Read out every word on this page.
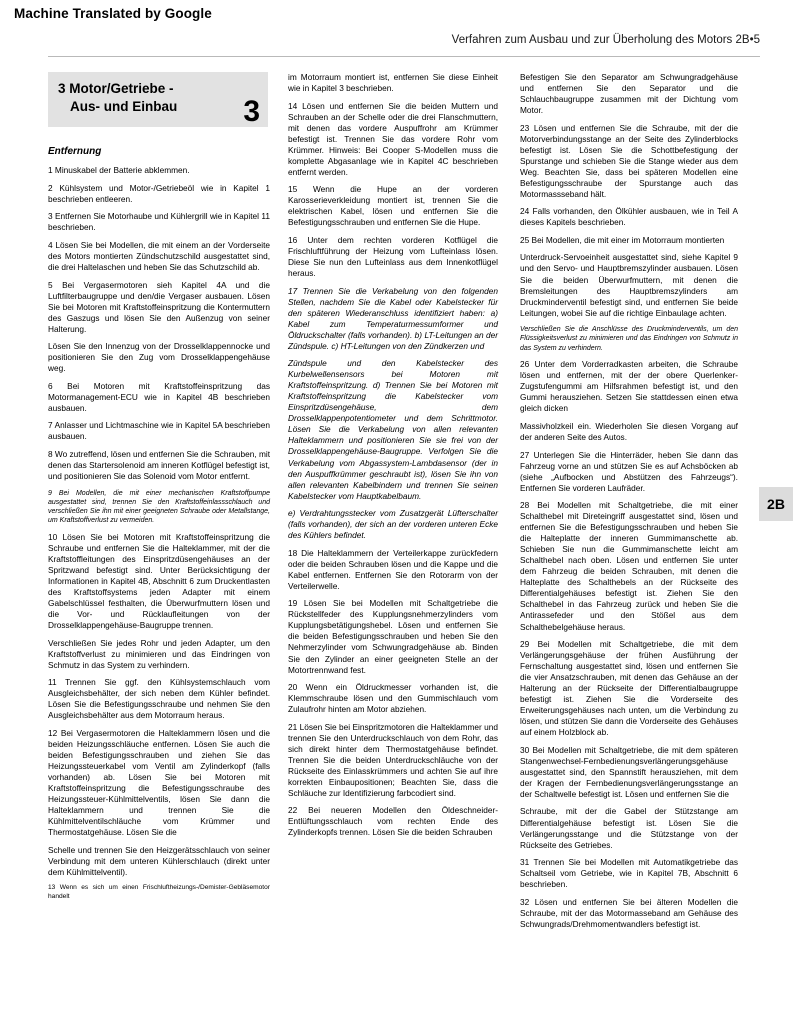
Machine Translated by Google
Verfahren zum Ausbau und zur Überholung des Motors 2B•5
3 Motor/Getriebe -
Aus- und Einbau 3
2B
Entfernung

1 Minuskabel der Batterie abklemmen.

2 Kühlsystem und Motor-/Getriebeöl wie in Kapitel 1 beschrieben entleeren.

3 Entfernen Sie Motorhaube und Kühlergrill wie in Kapitel 11 beschrieben.

4 Lösen Sie bei Modellen, die mit einem an der Vorderseite des Motors montierten Zündschutzschild ausgestattet sind, die drei Haltelaschen und heben Sie das Schutzschild ab.

5 Bei Vergasermotoren sieh Kapitel 4A und die Luftfilterbaugruppe und den/die Vergaser ausbauen. Lösen Sie bei Motoren mit Kraftstoffeinspritzung die Kontermuttern des Gaszugs und lösen Sie den Außenzug von seiner Halterung.

Lösen Sie den Innenzug von der Drosselklappennocke und positionieren Sie den Zug vom Drosselklappengehäuse weg.

6 Bei Motoren mit Kraftstoffeinspritzung das Motormanagement-ECU wie in Kapitel 4B beschrieben ausbauen.

7 Anlasser und Lichtmaschine wie in Kapitel 5A beschrieben ausbauen.

8 Wo zutreffend, lösen und entfernen Sie die Schrauben, mit denen das Startersolenoid am inneren Kotflügel befestigt ist, und positionieren Sie das Solenoid vom Motor entfernt.

9 Bei Modellen, die mit einer mechanischen Kraftstoffpumpe ausgestattet sind, trennen Sie den Kraftstoffeinlassschlauch und verschließen Sie ihn mit einer geeigneten Schraube oder Metallstange, um Kraftstoffverlust zu vermeiden.

10 Lösen Sie bei Motoren mit Kraftstoffeinspritzung die Schraube und entfernen Sie die Halteklammer, mit der die Kraftstoffleitungen des Einspritzdüsengehäuses an der Spritzwand befestigt sind. Unter Berücksichtigung der Informationen in Kapitel 4B, Abschnitt 6 zum Druckentlasten des Kraftstoffsystems jeden Adapter mit einem Gabelschlüssel festhalten, die Überwurfmuttern lösen und die Vor- und Rücklaufleitungen von der Drosselklappengehäuse-Baugruppe trennen.

Verschließen Sie jedes Rohr und jeden Adapter, um den Kraftstoffverlust zu minimieren und das Eindringen von Schmutz in das System zu verhindern.

11 Trennen Sie ggf. den Kühlsystemschlauch vom Ausgleichsbehälter, der sich neben dem Kühler befindet. Lösen Sie die Befestigungsschraube und nehmen Sie den Ausgleichsbehälter aus dem Motorraum heraus.

12 Bei Vergasermotoren die Halteklammern lösen und die beiden Heizungsschläuche entfernen. Lösen Sie auch die beiden Befestigungsschrauben und ziehen Sie das Heizungssteuerkabel vom Ventil am Zylinderkopf (falls vorhanden) ab. Lösen Sie bei Motoren mit Kraftstoffeinspritzung die Befestigungsschraube des Heizungssteuer-Kühlmittelventils, lösen Sie dann die Halteklammern und trennen Sie die Kühlmittelventilschläuche vom Krümmer und Thermostatgehäuse. Lösen Sie die

Schelle und trennen Sie den Heizgerätsschlauch von seiner Verbindung mit dem unteren Kühlerschlauch (direkt unter dem Kühlmittelventil).

13 Wenn es sich um einen Frischluftheizungs-/Demister-Gebläsemotor handelt

im Motorraum montiert ist, entfernen Sie diese Einheit wie in Kapitel 3 beschrieben.

14 Lösen und entfernen Sie die beiden Muttern und Schrauben an der Schelle oder die drei Flanschmuttern, mit denen das vordere Auspuffrohr am Krümmer befestigt ist. Trennen Sie das vordere Rohr vom Krümmer. Hinweis: Bei Cooper S-Modellen muss die komplette Abgasanlage wie in Kapitel 4C beschrieben entfernt werden.

15 Wenn die Hupe an der vorderen Karosserieverkleidung montiert ist, trennen Sie die elektrischen Kabel, lösen und entfernen Sie die Befestigungsschrauben und entfernen Sie die Hupe.

16 Unter dem rechten vorderen Kotflügel die Frischluftführung der Heizung vom Lufteinlass lösen. Diese Sie nun den Lufteinlass aus dem Innenkotflügel heraus.

17 Trennen Sie die Verkabelung von den folgenden Stellen, nachdem Sie die Kabel oder Kabelstecker für den späteren Wiederanschluss identifiziert haben: a) Kabel zum Temperaturmessumformer und Öldruckschalter (falls vorhanden). b) LT-Leitungen an der Zündspule. c) HT-Leitungen von den Zündkerzen und

Zündspule und den Kabelstecker des Kurbelwellensensors bei Motoren mit Kraftstoffeinspritzung. d) Trennen Sie bei Motoren mit Kraftstoffeinspritzung die Kabelstecker vom Einspritzdüsengehäuse, dem Drosselklappenpotentiometer und dem Schrittmotor. Lösen Sie die Verkabelung von allen relevanten Halteklammern und positionieren Sie sie frei von der Drosselklappengehäuse-Baugruppe. Verfolgen Sie die Verkabelung vom Abgassystem-Lambdasensor (der in den Auspuffkrümmer geschraubt ist), lösen Sie ihn von allen relevanten Kabelbindern und trennen Sie seinen Kabelstecker vom Hauptkabelbaum.

e) Verdrahtungsstecker vom Zusatzgerät Lüfterschalter (falls vorhanden), der sich an der vorderen unteren Ecke des Kühlers befindet.

18 Die Halteklammern der Verteilerkappe zurückfedern oder die beiden Schrauben lösen und die Kappe und die Kabel entfernen. Entfernen Sie den Rotorarm von der Verteilerwelle.

19 Lösen Sie bei Modellen mit Schaltgetriebe die Rückstellfeder des Kupplungsnehmerzylinders vom Kupplungsbetätigungshebel. Lösen und entfernen Sie die beiden Befestigungsschrauben und heben Sie den Nehmerzylinder vom Schwungradgehäuse ab. Binden Sie den Zylinder an einer geeigneten Stelle an der Motortrennwand fest.

20 Wenn ein Öldruckmesser vorhanden ist, die Klemmschraube lösen und den Gummischlauch vom Zulaufrohr hinten am Motor abziehen.

21 Lösen Sie bei Einspritzmotoren die Halteklammer und trennen Sie den Unterdruckschlauch von dem Rohr, das sich direkt hinter dem Thermostatgehäuse befindet. Trennen Sie die beiden Unterdruckschläuche von der Rückseite des Einlasskrümmers und achten Sie auf ihre korrekten Einbaupositionen; Beachten Sie, dass die Schläuche zur Identifizierung farbcodiert sind.

22 Bei neueren Modellen den Öldeschneider-Entlüftungsschlauch vom rechten Ende des Zylinderkopfs trennen. Lösen Sie die beiden Schrauben

Befestigen Sie den Separator am Schwungradgehäuse und entfernen Sie den Separator und die Schlauchbaugruppe zusammen mit der Dichtung vom Motor.

23 Lösen und entfernen Sie die Schraube, mit der die Motorverbindungsstange an der Seite des Zylinderblocks befestigt ist. Lösen Sie die Schottbefestigung der Spurstange und schieben Sie die Stange wieder aus dem Weg. Beachten Sie, dass bei späteren Modellen eine Befestigungsschraube der Spurstange auch das Motormassseband hält.

24 Falls vorhanden, den Ölkühler ausbauen, wie in Teil A dieses Kapitels beschrieben.

25 Bei Modellen, die mit einer im Motorraum montierten

Unterdruck-Servoeinheit ausgestattet sind, siehe Kapitel 9 und den Servo- und Hauptbremszylinder ausbauen. Lösen Sie die beiden Überwurfmuttern, mit denen die Bremsleitungen des Hauptbremszylinders am Druckminderventil befestigt sind, und entfernen Sie beide Leitungen, wobei Sie auf die richtige Einbaulage achten.

Verschließen Sie die Anschlüsse des Druckminderventils, um den Flüssigkeitsverlust zu minimieren und das Eindringen von Schmutz in das System zu verhindern.

26 Unter dem Vorderradkasten arbeiten, die Schraube lösen und entfernen, mit der der obere Querlenker-Zugstufengummi am Hilfsrahmen befestigt ist, und den Gummi herausziehen. Setzen Sie stattdessen einen etwa gleich dicken

Massivholzkeil ein. Wiederholen Sie diesen Vorgang auf der anderen Seite des Autos.

27 Unterlegen Sie die Hinterräder, heben Sie dann das Fahrzeug vorne an und stützen Sie es auf Achsböcken ab (siehe „Aufbocken und Abstützen des Fahrzeugs“). Entfernen Sie vorderen Laufräder.

28 Bei Modellen mit Schaltgetriebe, die mit einer Schalthebel mit Direteingriff ausgestattet sind, lösen und entfernen Sie die Befestigungsschrauben und heben Sie die Halteplatte der inneren Gummimanschette ab. Schieben Sie nun die Gummimanschette leicht am Schalthebel nach oben. Lösen und entfernen Sie unter dem Fahrzeug die beiden Schrauben, mit denen die Halteplatte des Schalthebels an der Rückseite des Differentialgehäuses befestigt ist. Ziehen Sie den Schalthebel in das Fahrzeug zurück und heben Sie die Antirassefeder und den Stößel aus dem Schalthebelgehäuse heraus.

29 Bei Modellen mit Schaltgetriebe, die mit dem Verlängerungsgehäuse der frühen Ausführung der Fernschaltung ausgestattet sind, lösen und entfernen Sie die vier Ansatzschrauben, mit denen das Gehäuse an der Halterung an der Rückseite der Differentialbaugruppe befestigt ist. Ziehen Sie die Vorderseite des Erweiterungsgehäuses nach unten, um die Verbindung zu lösen, und stützen Sie dann die Vorderseite des Gehäuses auf einem Holzblock ab.

30 Bei Modellen mit Schaltgetriebe, die mit dem späteren Stangenwechsel-Fernbedienungsverlängerungsgehäuse ausgestattet sind, den Spannstift herausziehen, mit dem der Kragen der Fernbedienungsverlängerungsstange an der Schaltwelle befestigt ist. Lösen und entfernen Sie die

Schraube, mit der die Gabel der Stützstange am Differentialgehäuse befestigt ist. Lösen Sie die Verlängerungsstange und die Stützstange von der Rückseite des Getriebes.

31 Trennen Sie bei Modellen mit Automatikgetriebe das Schaltseil vom Getriebe, wie in Kapitel 7B, Abschnitt 6 beschrieben.

32 Lösen und entfernen Sie bei älteren Modellen die Schraube, mit der das Motormasseband am Gehäuse des Schwungrads/Drehmomentwandlers befestigt ist.
